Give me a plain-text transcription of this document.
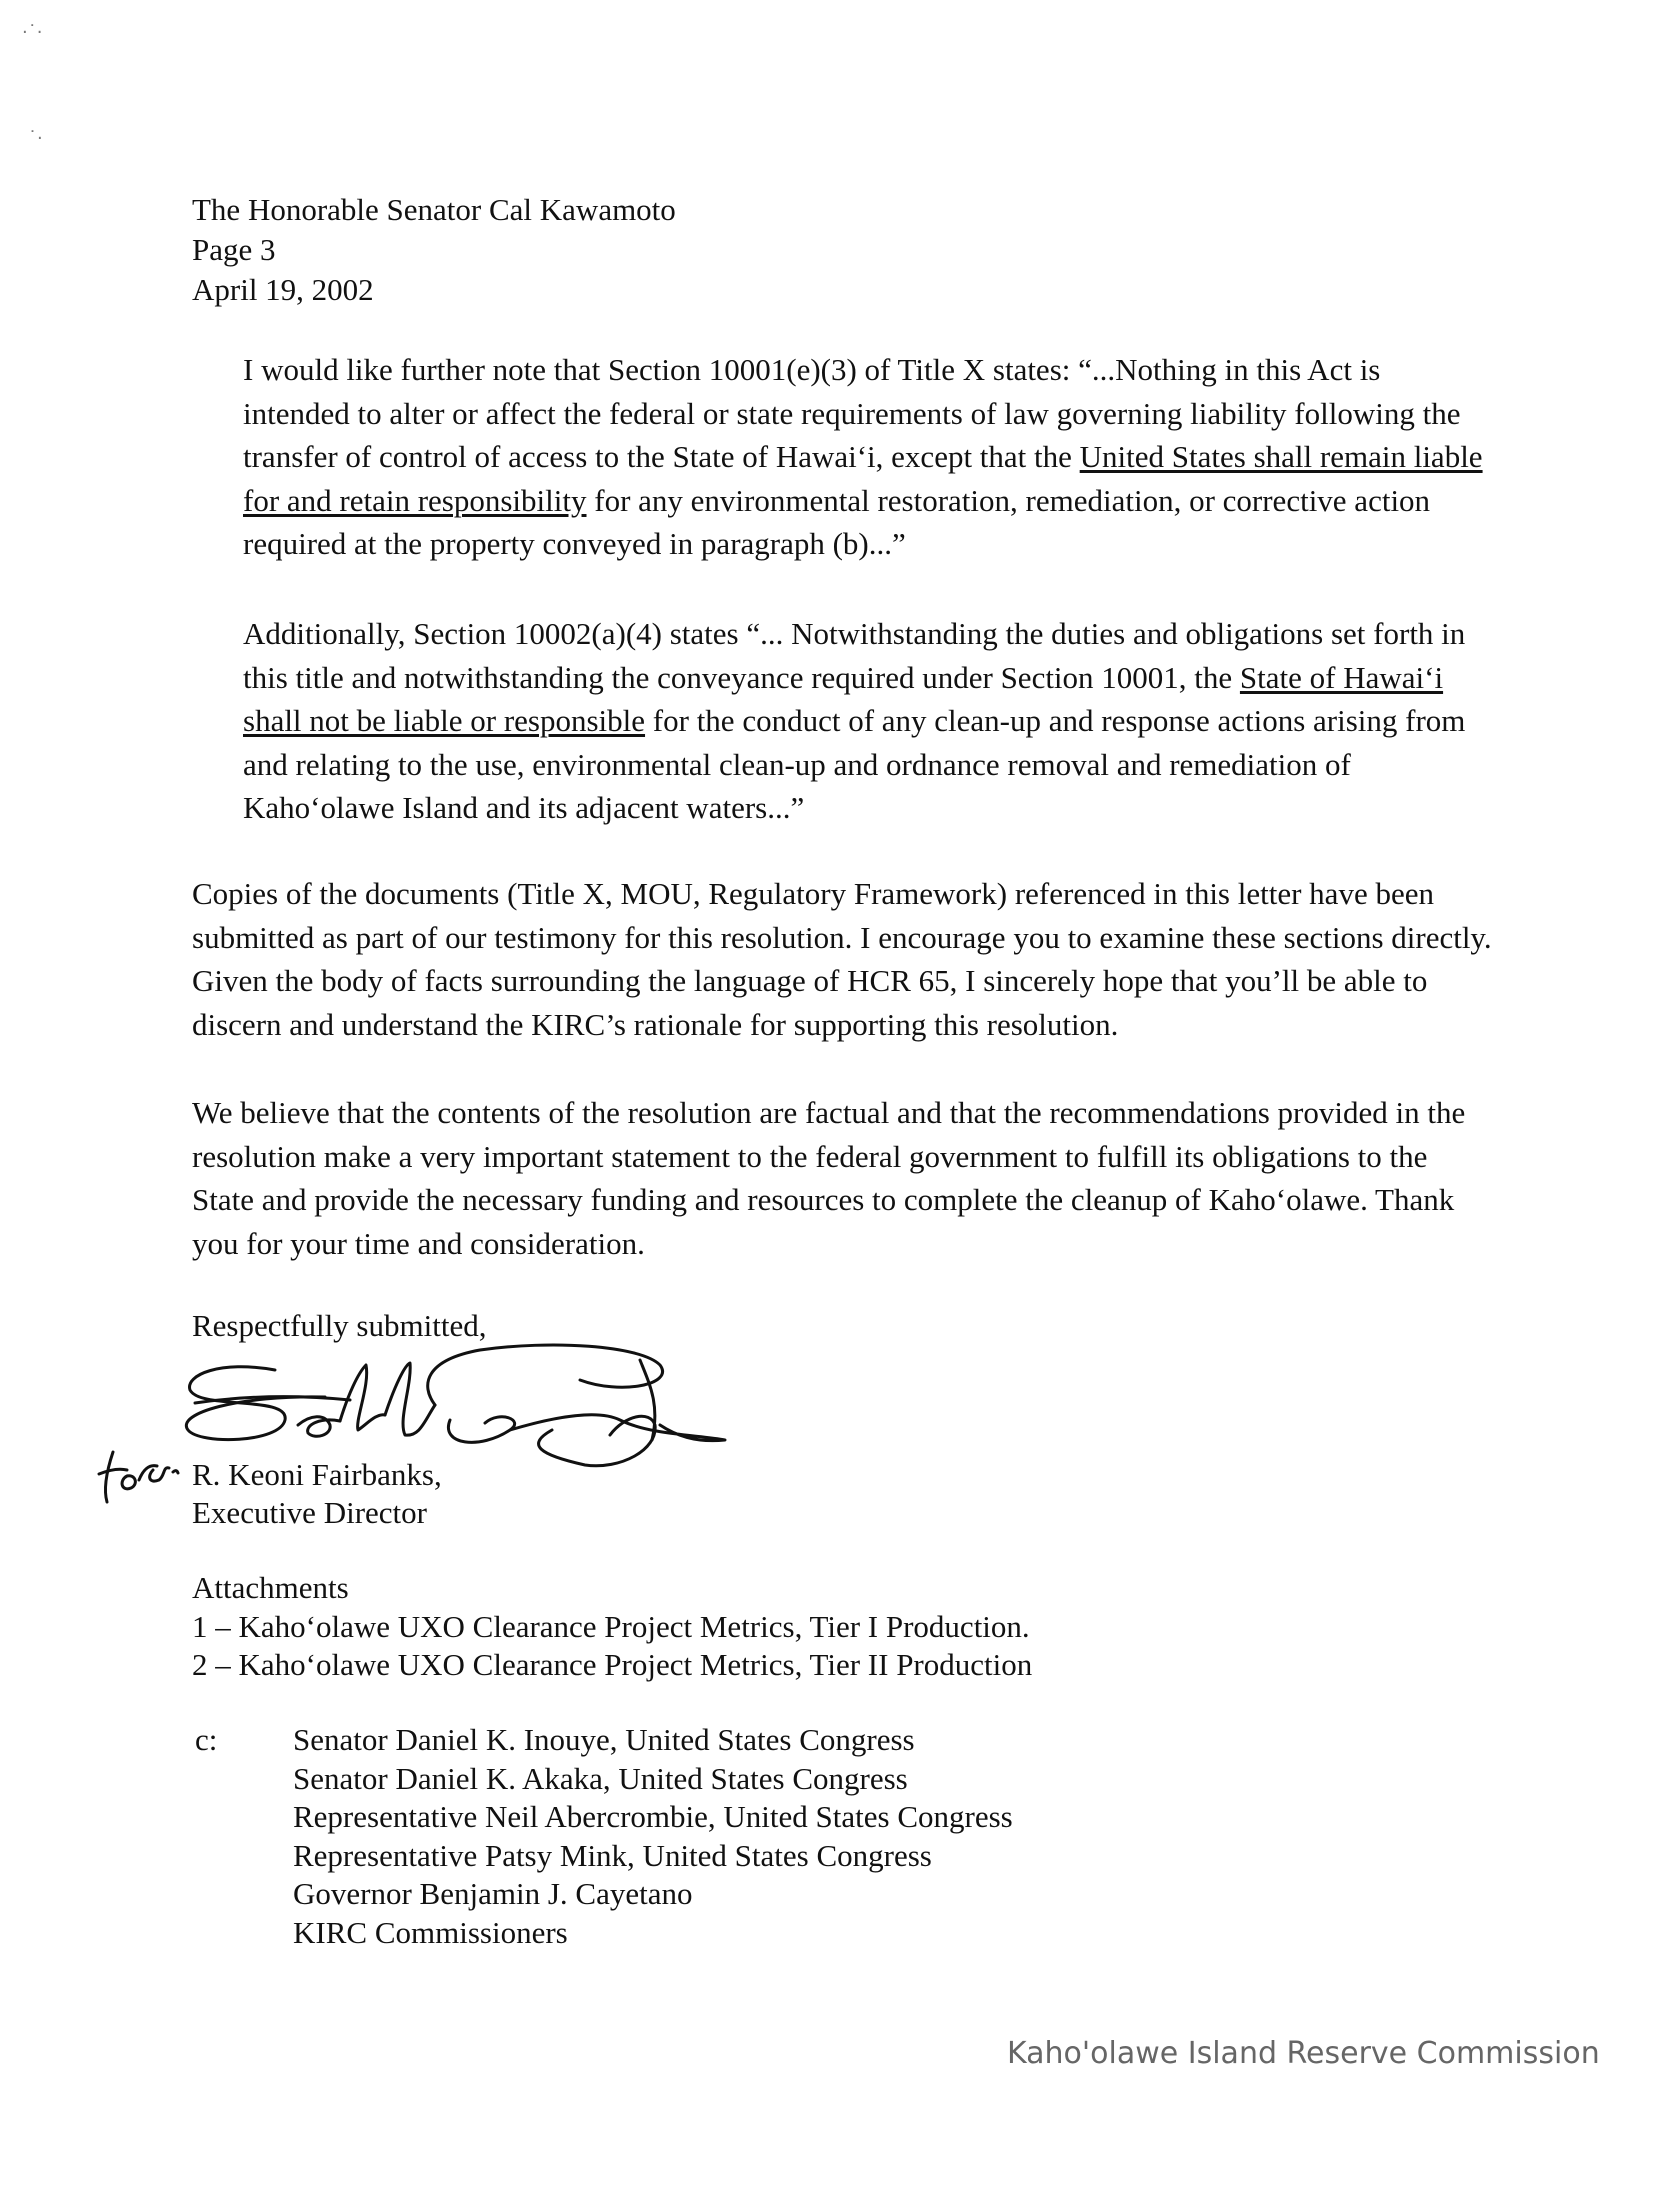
·˙·
˙·
The Honorable Senator Cal Kawamoto
Page 3
April 19, 2002

I would like further note that Section 10001(e)(3) of Title X states: “...Nothing in this Act is intended to alter or affect the federal or state requirements of law governing liability following the transfer of control of access to the State of Hawai‘i, except that the United States shall remain liable for and retain responsibility for any environmental restoration, remediation, or corrective action required at the property conveyed in paragraph (b)...”

Additionally, Section 10002(a)(4) states “... Notwithstanding the duties and obligations set forth in this title and notwithstanding the conveyance required under Section 10001, the State of Hawai‘i shall not be liable or responsible for the conduct of any clean-up and response actions arising from and relating to the use, environmental clean-up and ordnance removal and remediation of Kaho‘olawe Island and its adjacent waters...”

Copies of the documents (Title X, MOU, Regulatory Framework) referenced in this letter have been submitted as part of our testimony for this resolution. I encourage you to examine these sections directly. Given the body of facts surrounding the language of HCR 65, I sincerely hope that you’ll be able to discern and understand the KIRC’s rationale for supporting this resolution.

We believe that the contents of the resolution are factual and that the recommendations provided in the resolution make a very important statement to the federal government to fulfill its obligations to the State and provide the necessary funding and resources to complete the cleanup of Kaho‘olawe. Thank you for your time and consideration.

Respectfully submitted,
R. Keoni Fairbanks,
Executive Director
Attachments
1 – Kaho‘olawe UXO Clearance Project Metrics, Tier I Production.
2 – Kaho‘olawe UXO Clearance Project Metrics, Tier II Production
c: Senator Daniel K. Inouye, United States Congress
Senator Daniel K. Akaka, United States Congress
Representative Neil Abercrombie, United States Congress
Representative Patsy Mink, United States Congress
Governor Benjamin J. Cayetano
KIRC Commissioners
Kaho'olawe Island Reserve Commission
